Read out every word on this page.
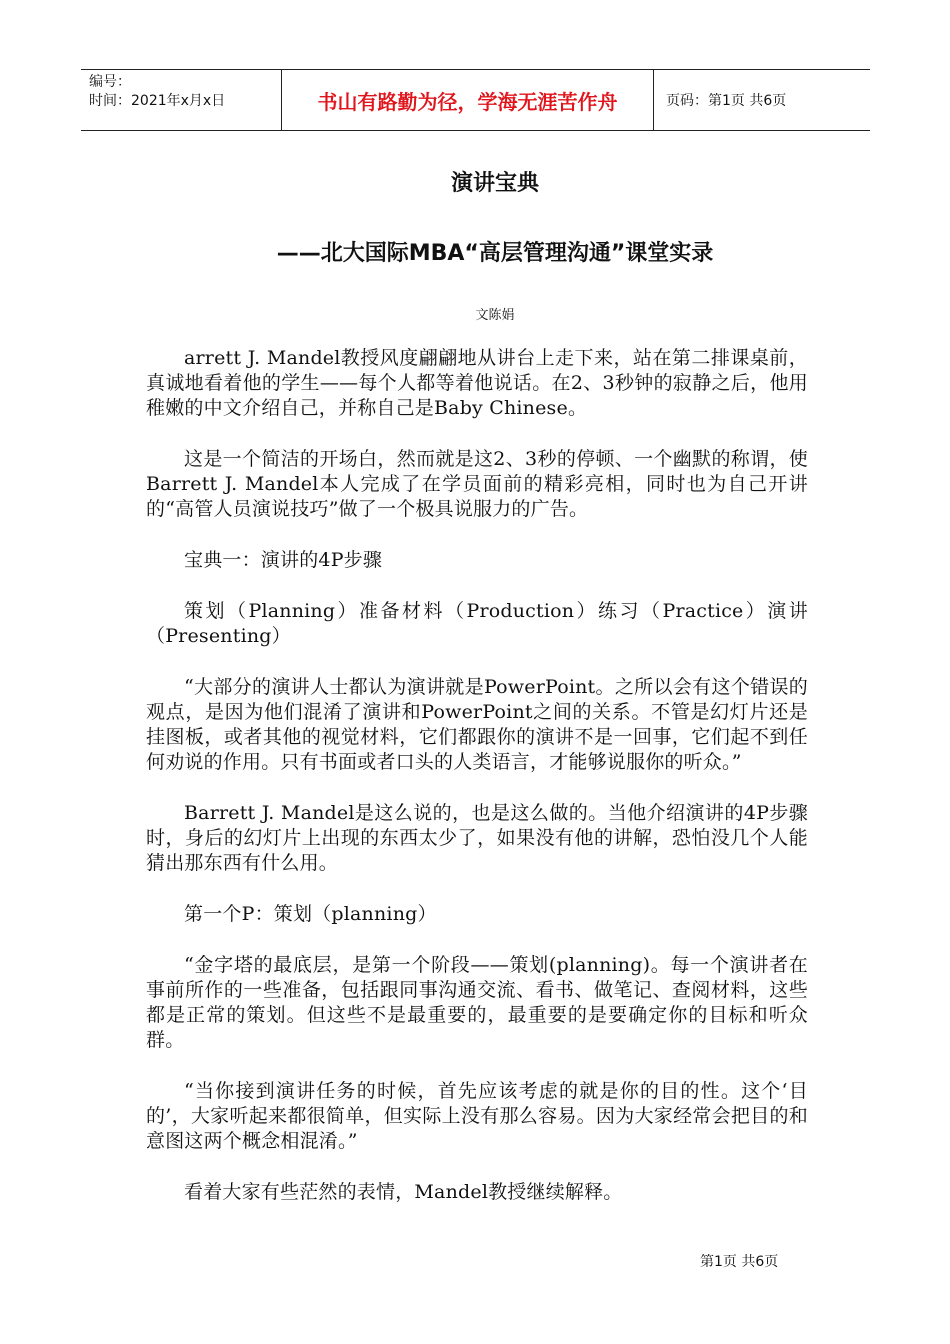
编号：
时间：2021年x月x日	书山有路勤为径，学海无涯苦作舟	页码：第1页 共6页
演讲宝典
——北大国际MBA“高层管理沟通”课堂实录
文陈娟

arrett J. Mandel教授风度翩翩地从讲台上走下来，站在第二排课桌前，真诚地看着他的学生——每个人都等着他说话。在2、3秒钟的寂静之后，他用稚嫩的中文介绍自己，并称自己是Baby Chinese。

这是一个简洁的开场白，然而就是这2、3秒的停顿、一个幽默的称谓，使Barrett J. Mandel本人完成了在学员面前的精彩亮相，同时也为自己开讲的“高管人员演说技巧”做了一个极具说服力的广告。

宝典一：演讲的4P步骤

策划（Planning）准备材料（Production）练习（Practice）演讲（Presenting）

“大部分的演讲人士都认为演讲就是PowerPoint。之所以会有这个错误的观点，是因为他们混淆了演讲和PowerPoint之间的关系。不管是幻灯片还是挂图板，或者其他的视觉材料，它们都跟你的演讲不是一回事，它们起不到任何劝说的作用。只有书面或者口头的人类语言，才能够说服你的听众。”

Barrett J. Mandel是这么说的，也是这么做的。当他介绍演讲的4P步骤时，身后的幻灯片上出现的东西太少了，如果没有他的讲解，恐怕没几个人能猜出那东西有什么用。

第一个P：策划（planning）

“金字塔的最底层，是第一个阶段——策划(planning)。每一个演讲者在事前所作的一些准备，包括跟同事沟通交流、看书、做笔记、查阅材料，这些都是正常的策划。但这些不是最重要的，最重要的是要确定你的目标和听众群。

“当你接到演讲任务的时候，首先应该考虑的就是你的目的性。这个‘目的’，大家听起来都很简单，但实际上没有那么容易。因为大家经常会把目的和意图这两个概念相混淆。”

看着大家有些茫然的表情，Mandel教授继续解释。

第1页 共6页
